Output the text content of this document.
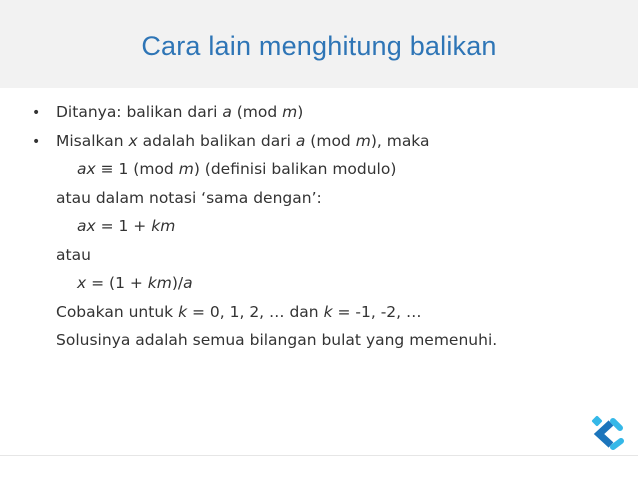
Cara lain menghitung balikan
• Ditanya: balikan dari a (mod m)
• Misalkan x adalah balikan dari a (mod m), maka
ax ≡ 1 (mod m) (definisi balikan modulo)
atau dalam notasi ‘sama dengan’:
ax = 1 + km
atau
x = (1 + km)/a
Cobakan untuk k = 0, 1, 2, … dan k = -1, -2, …
Solusinya adalah semua bilangan bulat yang memenuhi.
